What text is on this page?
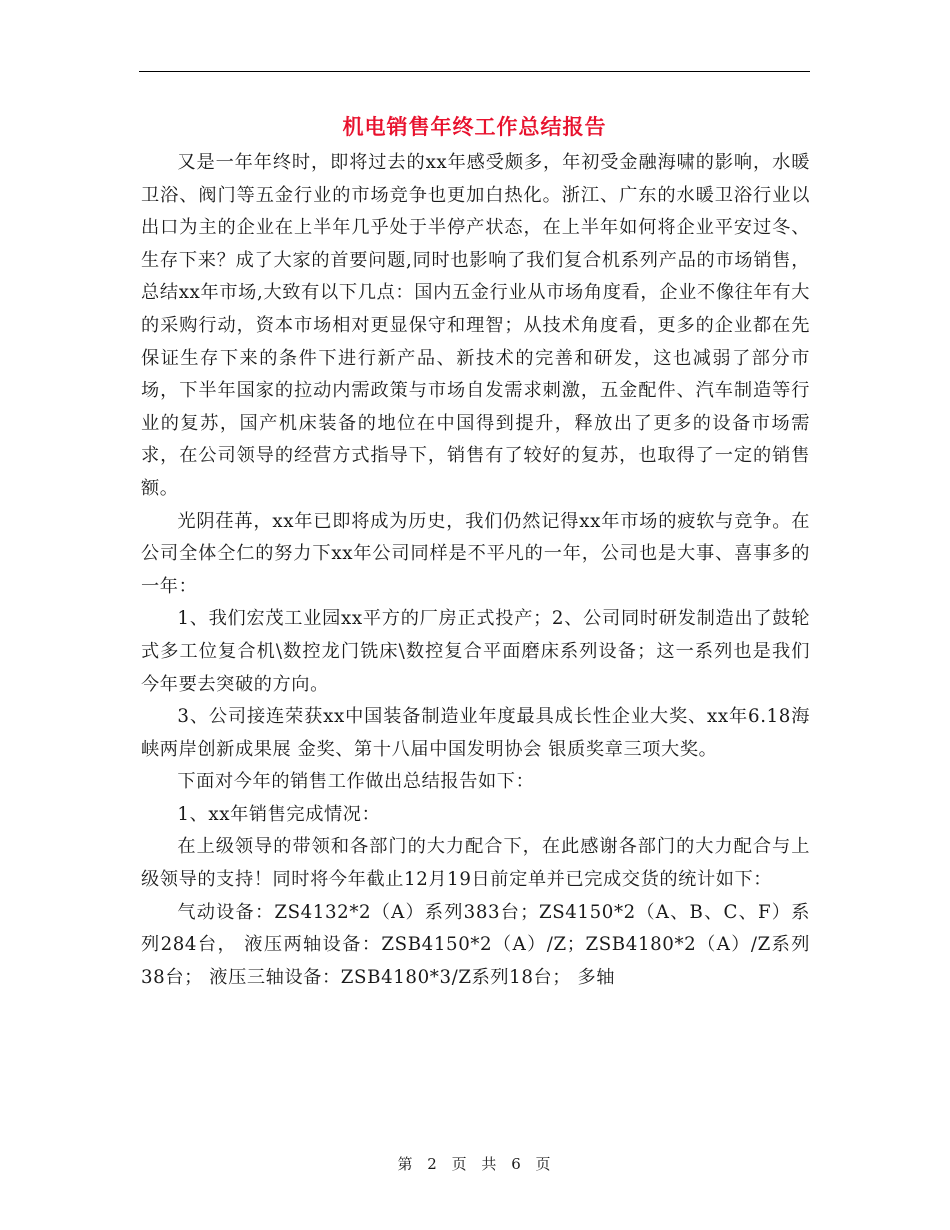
机电销售年终工作总结报告

又是一年年终时，即将过去的xx年感受颇多，年初受金融海啸的影响，水暖卫浴、阀门等五金行业的市场竞争也更加白热化。浙江、广东的水暖卫浴行业以出口为主的企业在上半年几乎处于半停产状态，在上半年如何将企业平安过冬、生存下来？成了大家的首要问题,同时也影响了我们复合机系列产品的市场销售，总结xx年市场,大致有以下几点：国内五金行业从市场角度看，企业不像往年有大的采购行动，资本市场相对更显保守和理智；从技术角度看，更多的企业都在先保证生存下来的条件下进行新产品、新技术的完善和研发，这也减弱了部分市场，下半年国家的拉动内需政策与市场自发需求刺激，五金配件、汽车制造等行业的复苏，国产机床装备的地位在中国得到提升，释放出了更多的设备市场需求，在公司领导的经营方式指导下，销售有了较好的复苏，也取得了一定的销售额。

光阴荏苒，xx年已即将成为历史，我们仍然记得xx年市场的疲软与竞争。在公司全体仝仁的努力下xx年公司同样是不平凡的一年，公司也是大事、喜事多的一年：

1、我们宏茂工业园xx平方的厂房正式投产；2、公司同时研发制造出了鼓轮式多工位复合机\数控龙门铣床\数控复合平面磨床系列设备；这一系列也是我们今年要去突破的方向。

3、公司接连荣获xx中国装备制造业年度最具成长性企业大奖、xx年6.18海峡两岸创新成果展 金奖、第十八届中国发明协会 银质奖章三项大奖。

下面对今年的销售工作做出总结报告如下：

1、xx年销售完成情况：

在上级领导的带领和各部门的大力配合下，在此感谢各部门的大力配合与上级领导的支持！同时将今年截止12月19日前定单并已完成交货的统计如下：

气动设备：ZS4132*2（A）系列383台；ZS4150*2（A、B、C、F）系列284台， 液压两轴设备：ZSB4150*2（A）/Z；ZSB4180*2（A）/Z系列38台； 液压三轴设备：ZSB4180*3/Z系列18台； 多轴

第 2 页 共 6 页
